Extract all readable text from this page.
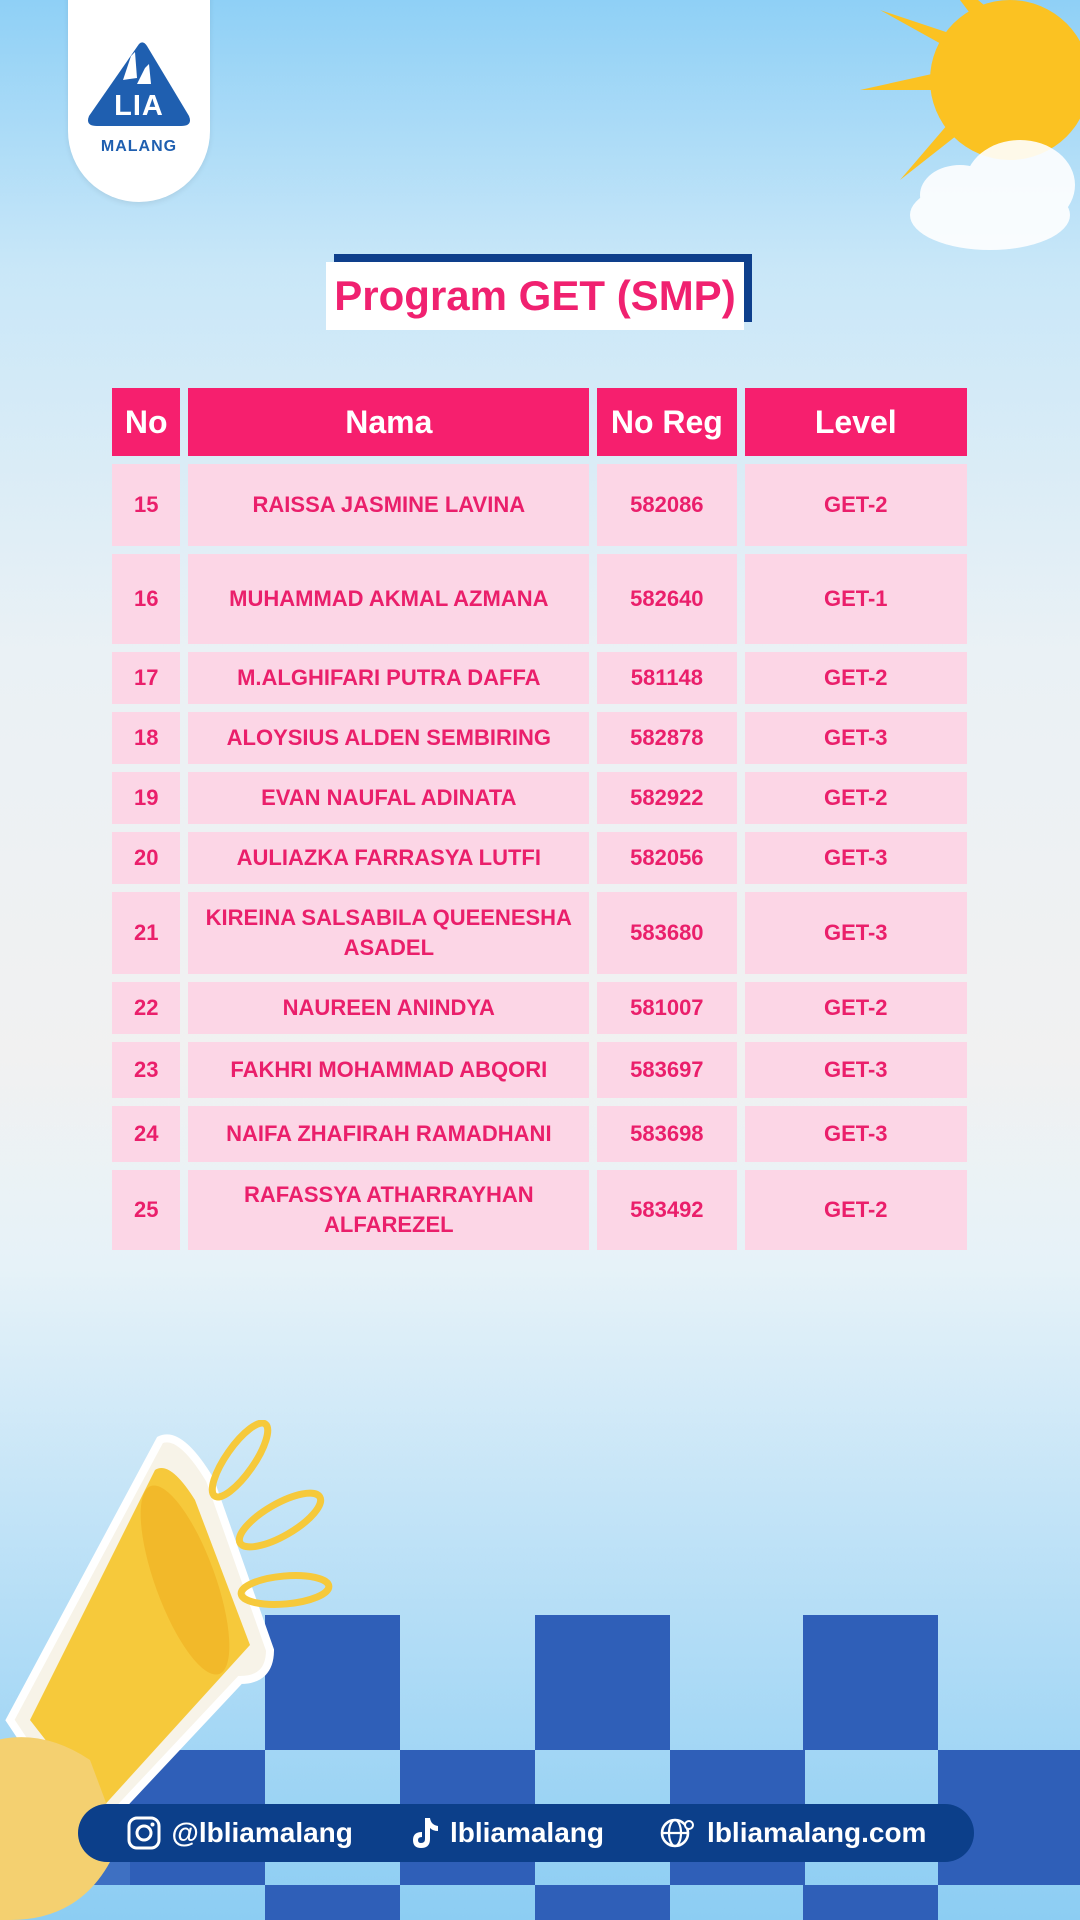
LIA
MALANG
Program GET (SMP)
No	Nama	No Reg	Level
15	RAISSA JASMINE LAVINA	582086	GET-2
16	MUHAMMAD AKMAL AZMANA	582640	GET-1
17	M.ALGHIFARI PUTRA DAFFA	581148	GET-2
18	ALOYSIUS ALDEN SEMBIRING	582878	GET-3
19	EVAN NAUFAL ADINATA	582922	GET-2
20	AULIAZKA FARRASYA LUTFI	582056	GET-3
21	KIREINA SALSABILA QUEENESHA ASADEL	583680	GET-3
22	NAUREEN ANINDYA	581007	GET-2
23	FAKHRI MOHAMMAD ABQORI	583697	GET-3
24	NAIFA ZHAFIRAH RAMADHANI	583698	GET-3
25	RAFASSYA ATHARRAYHAN ALFAREZEL	583492	GET-2
@lbliamalang	lbliamalang	lbliamalang.com
